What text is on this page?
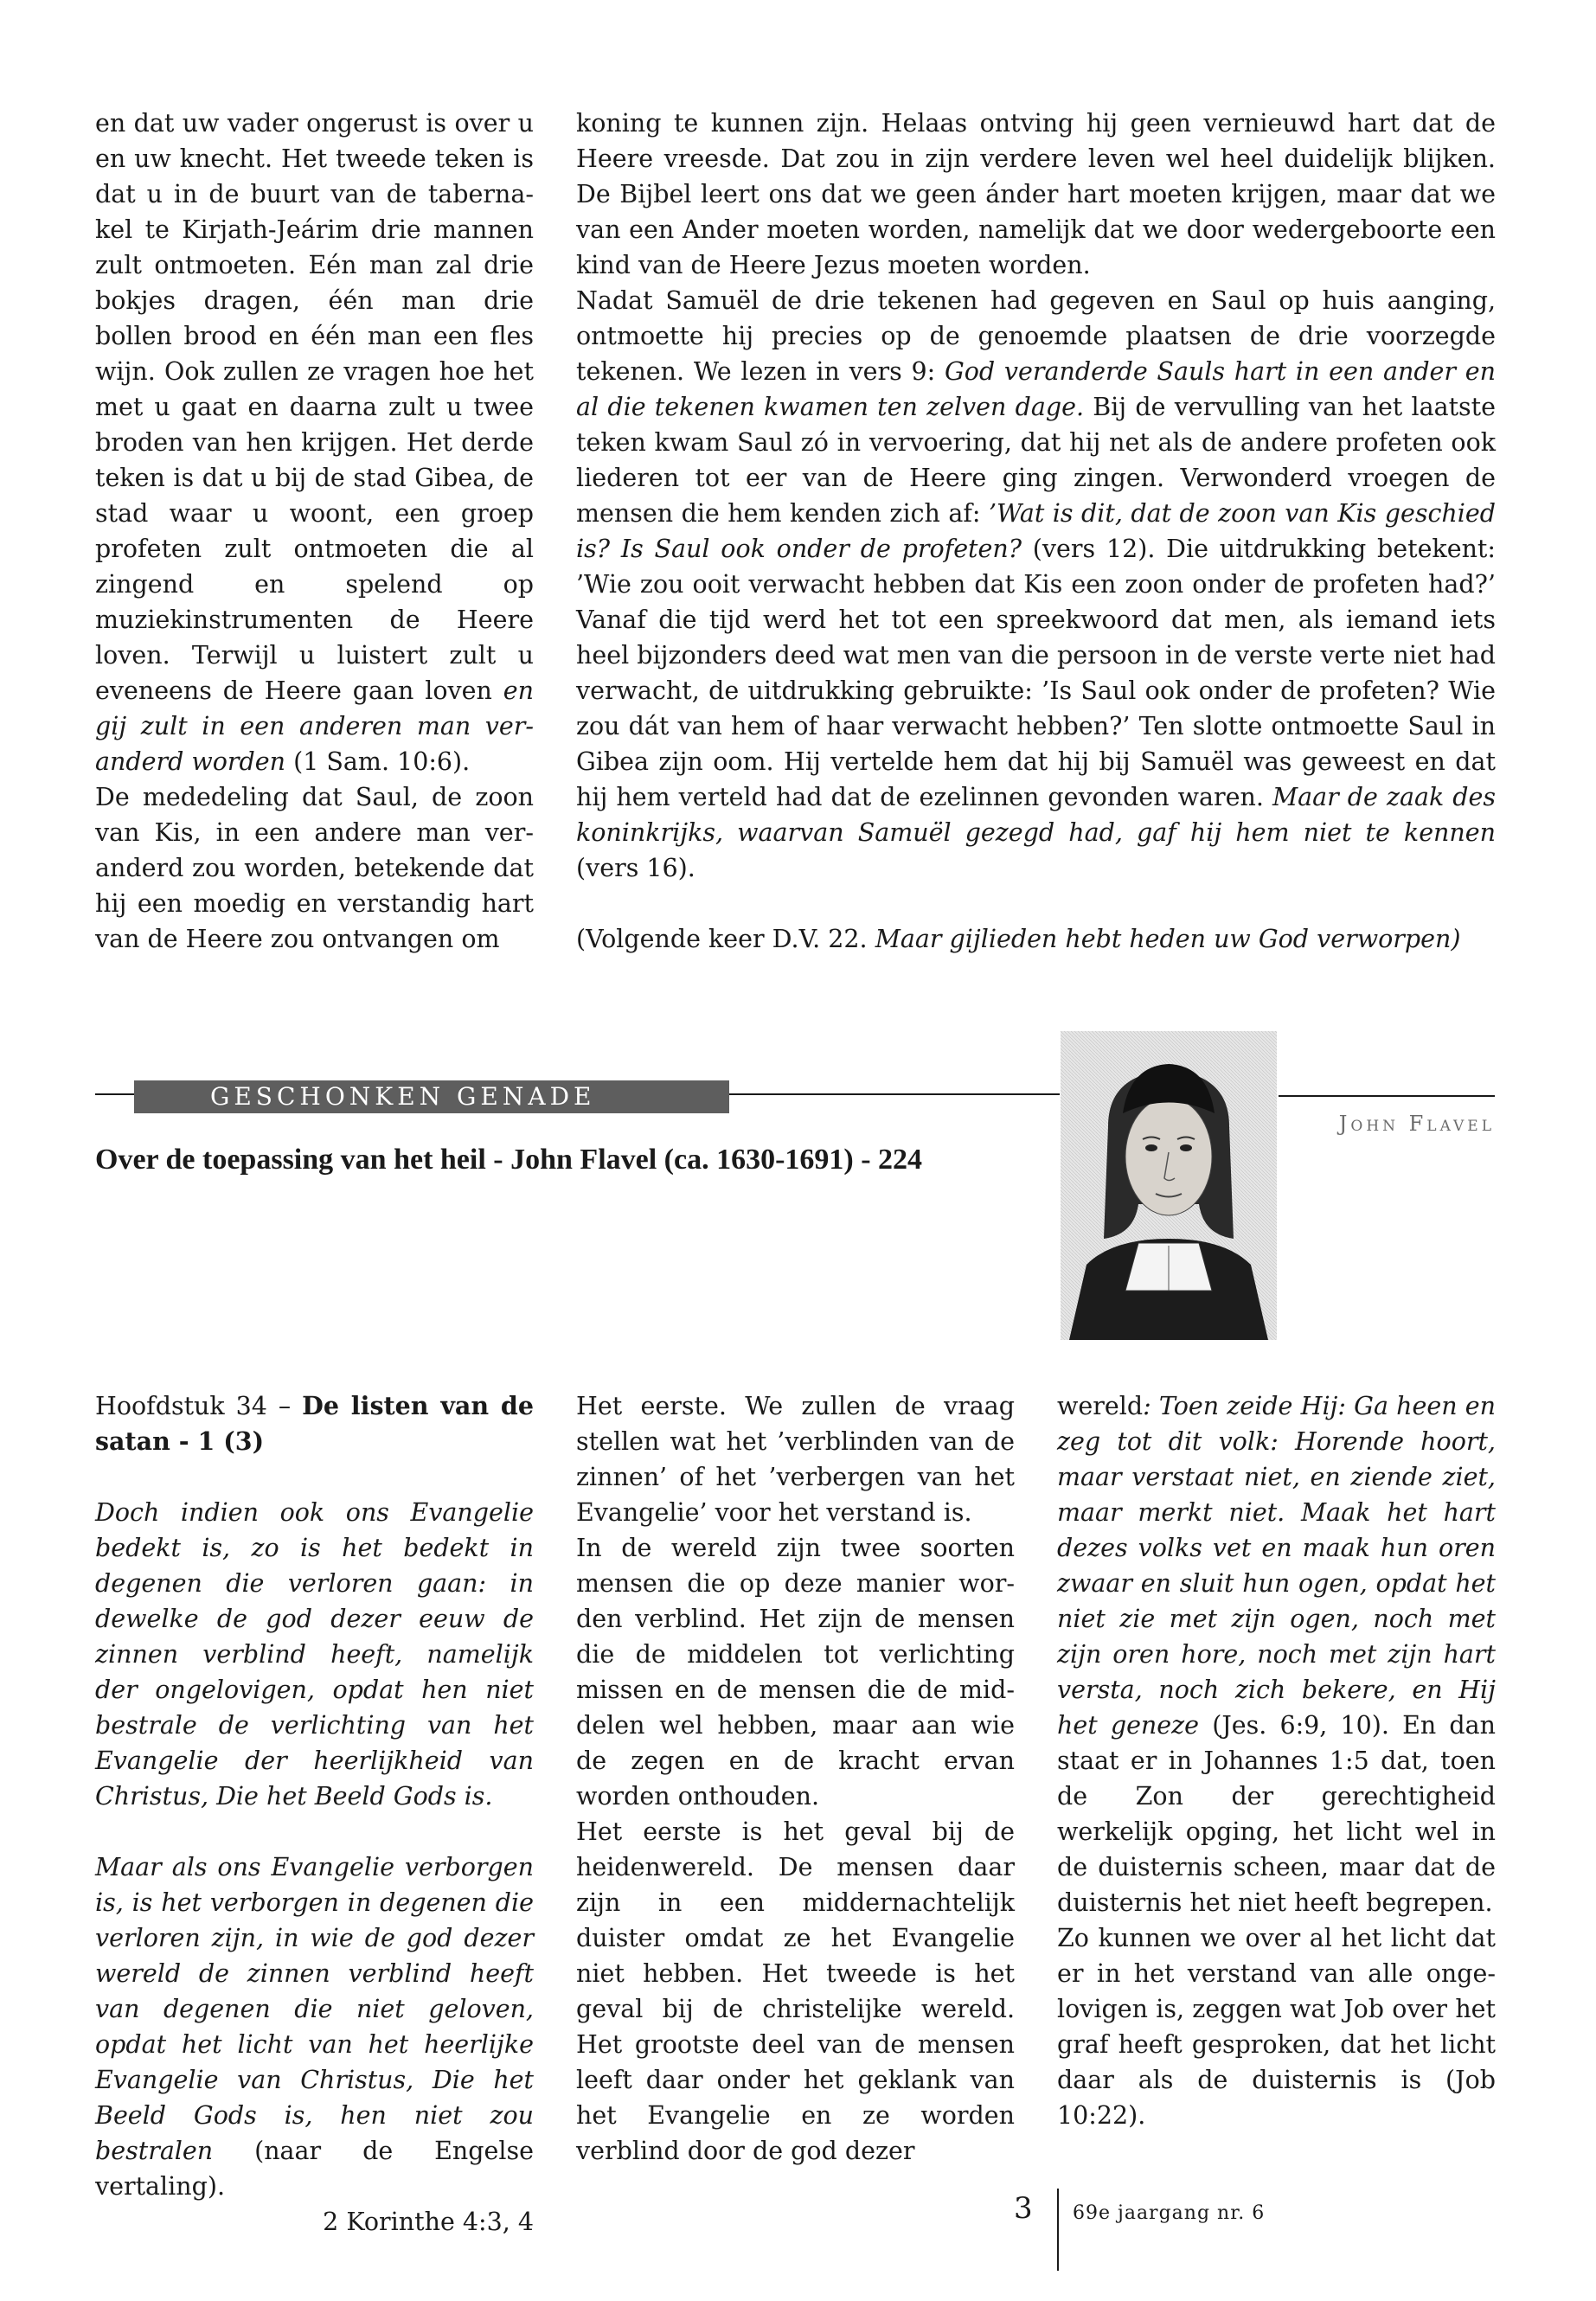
en dat uw vader ongerust is over u en uw knecht. Het tweede teken is dat u in de buurt van de tabernakel te Kirjath-Jeárim drie mannen zult ontmoeten. Eén man zal drie bokjes dragen, één man drie bollen brood en één man een fles wijn. Ook zullen ze vragen hoe het met u gaat en daarna zult u twee broden van hen krijgen. Het derde teken is dat u bij de stad Gibea, de stad waar u woont, een groep profeten zult ontmoeten die al zingend en spelend op muziekinstrumenten de Heere loven. Terwijl u luistert zult u eveneens de Heere gaan loven en gij zult in een anderen man veranderd worden (1 Sam. 10:6).

De mededeling dat Saul, de zoon van Kis, in een andere man veranderd zou worden, betekende dat hij een moedig en verstandig hart van de Heere zou ontvangen om

koning te kunnen zijn. Helaas ontving hij geen vernieuwd hart dat de Heere vreesde. Dat zou in zijn verdere leven wel heel duidelijk blijken. De Bijbel leert ons dat we geen ánder hart moeten krijgen, maar dat we van een Ander moeten worden, namelijk dat we door wedergeboorte een kind van de Heere Jezus moeten worden.

Nadat Samuël de drie tekenen had gegeven en Saul op huis aanging, ontmoette hij precies op de genoemde plaatsen de drie voorzegde tekenen. We lezen in vers 9: God veranderde Sauls hart in een ander en al die tekenen kwamen ten zelven dage. Bij de vervulling van het laatste teken kwam Saul zó in vervoering, dat hij net als de andere profeten ook liederen tot eer van de Heere ging zingen. Verwonderd vroegen de mensen die hem kenden zich af: ’Wat is dit, dat de zoon van Kis geschied is? Is Saul ook onder de profeten? (vers 12). Die uitdrukking betekent: ’Wie zou ooit verwacht hebben dat Kis een zoon onder de profeten had?’ Vanaf die tijd werd het tot een spreekwoord dat men, als iemand iets heel bijzonders deed wat men van die persoon in de verste verte niet had verwacht, de uitdrukking gebruikte: ’Is Saul ook onder de profeten? Wie zou dát van hem of haar verwacht hebben?’ Ten slotte ontmoette Saul in Gibea zijn oom. Hij vertelde hem dat hij bij Samuël was geweest en dat hij hem verteld had dat de ezelinnen gevonden waren. Maar de zaak des koninkrijks, waarvan Samuël gezegd had, gaf hij hem niet te kennen (vers 16).

(Volgende keer D.V. 22. Maar gijlieden hebt heden uw God verworpen)

GESCHONKEN GENADE
John Flavel
Over de toepassing van het heil - John Flavel (ca. 1630-1691) - 224

Hoofdstuk 34 – De listen van de satan - 1 (3)

Doch indien ook ons Evangelie bedekt is, zo is het bedekt in degenen die verloren gaan: in dewelke de god dezer eeuw de zinnen verblind heeft, namelijk der ongelovigen, opdat hen niet bestrale de verlichting van het Evangelie der heerlijkheid van Christus, Die het Beeld Gods is.

Maar als ons Evangelie verborgen is, is het verborgen in degenen die verloren zijn, in wie de god dezer wereld de zinnen verblind heeft van degenen die niet geloven, opdat het licht van het heerlijke Evangelie van Christus, Die het Beeld Gods is, hen niet zou bestralen (naar de Engelse vertaling).

2 Korinthe 4:3, 4

Het eerste. We zullen de vraag stellen wat het ’verblinden van de zinnen’ of het ’verbergen van het Evangelie’ voor het verstand is.

In de wereld zijn twee soorten mensen die op deze manier worden verblind. Het zijn de mensen die de middelen tot verlichting missen en de mensen die de middelen wel hebben, maar aan wie de zegen en de kracht ervan worden onthouden.

Het eerste is het geval bij de heidenwereld. De mensen daar zijn in een middernachtelijk duister omdat ze het Evangelie niet hebben. Het tweede is het geval bij de christelijke wereld. Het grootste deel van de mensen leeft daar onder het geklank van het Evangelie en ze worden verblind door de god dezer

wereld: Toen zeide Hij: Ga heen en zeg tot dit volk: Horende hoort, maar verstaat niet, en ziende ziet, maar merkt niet. Maak het hart dezes volks vet en maak hun oren zwaar en sluit hun ogen, opdat het niet zie met zijn ogen, noch met zijn oren hore, noch met zijn hart versta, noch zich bekere, en Hij het geneze (Jes. 6:9, 10). En dan staat er in Johannes 1:5 dat, toen de Zon der gerechtigheid werkelijk opging, het licht wel in de duisternis scheen, maar dat de duisternis het niet heeft begrepen.

Zo kunnen we over al het licht dat er in het verstand van alle ongelovigen is, zeggen wat Job over het graf heeft gesproken, dat het licht daar als de duisternis is (Job 10:22).

3 69e jaargang nr. 6
